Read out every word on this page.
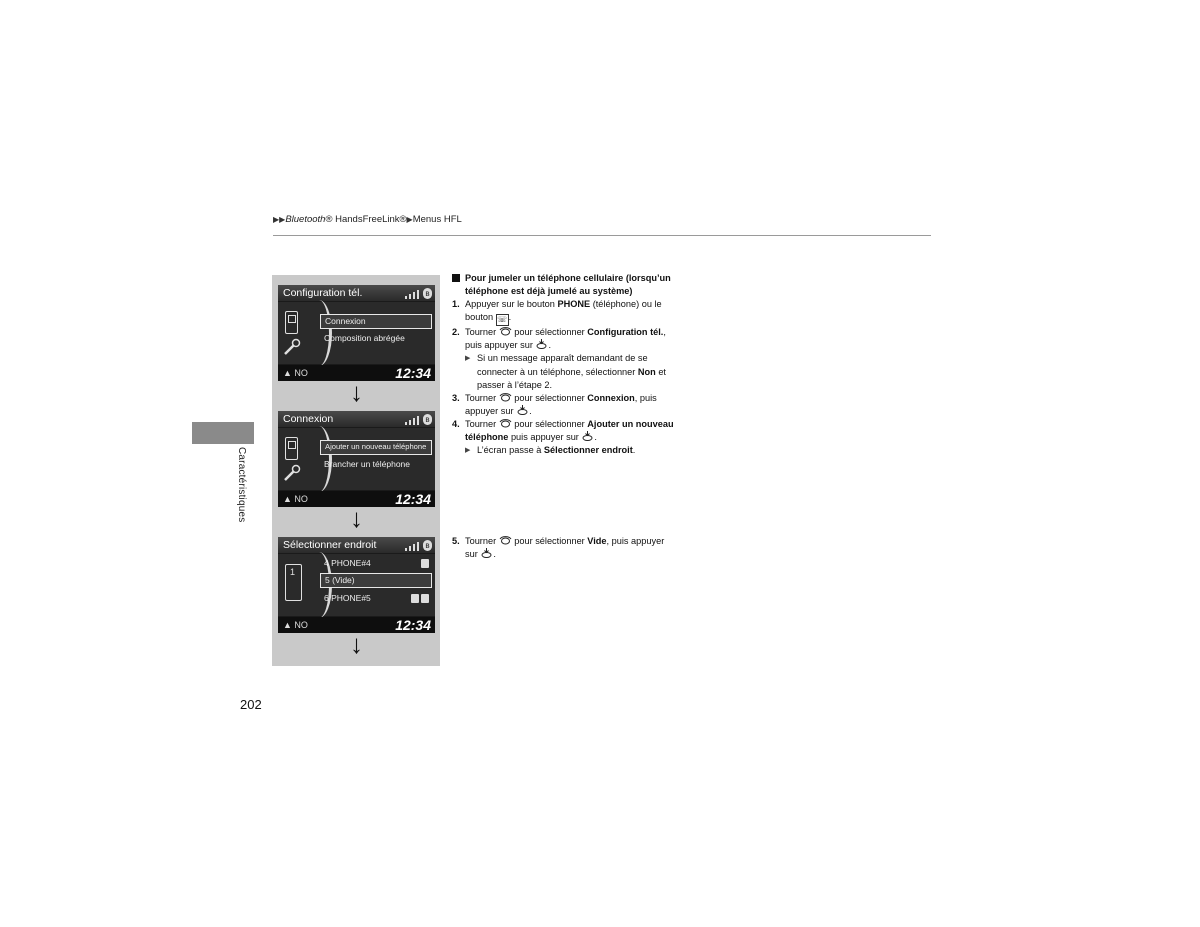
▶▶Bluetooth® HandsFreeLink®▶Menus HFL
Caractéristiques
202
Configuration tél.	ʙ
Connexion
Composition abrégée
▲ NO	12:34
↓
Connexion	ʙ
Ajouter un nouveau téléphone
Brancher un téléphone
▲ NO	12:34
↓
Sélectionner endroit	ʙ
1
4 PHONE#4
5 (Vide)
6 PHONE#5
▲ NO	12:34
↓
Pour jumeler un téléphone cellulaire (lorsqu’un téléphone est déjà jumelé au système)
1. Appuyer sur le bouton PHONE (téléphone) ou le bouton ☏ .
2. Tourner  pour sélectionner Configuration tél., puis appuyer sur .
▶ Si un message apparaît demandant de se connecter à un téléphone, sélectionner Non et passer à l’étape 2.
3. Tourner  pour sélectionner Connexion, puis appuyer sur .
4. Tourner  pour sélectionner Ajouter un nouveau téléphone puis appuyer sur .
▶ L’écran passe à Sélectionner endroit.
5. Tourner  pour sélectionner Vide, puis appuyer sur .
